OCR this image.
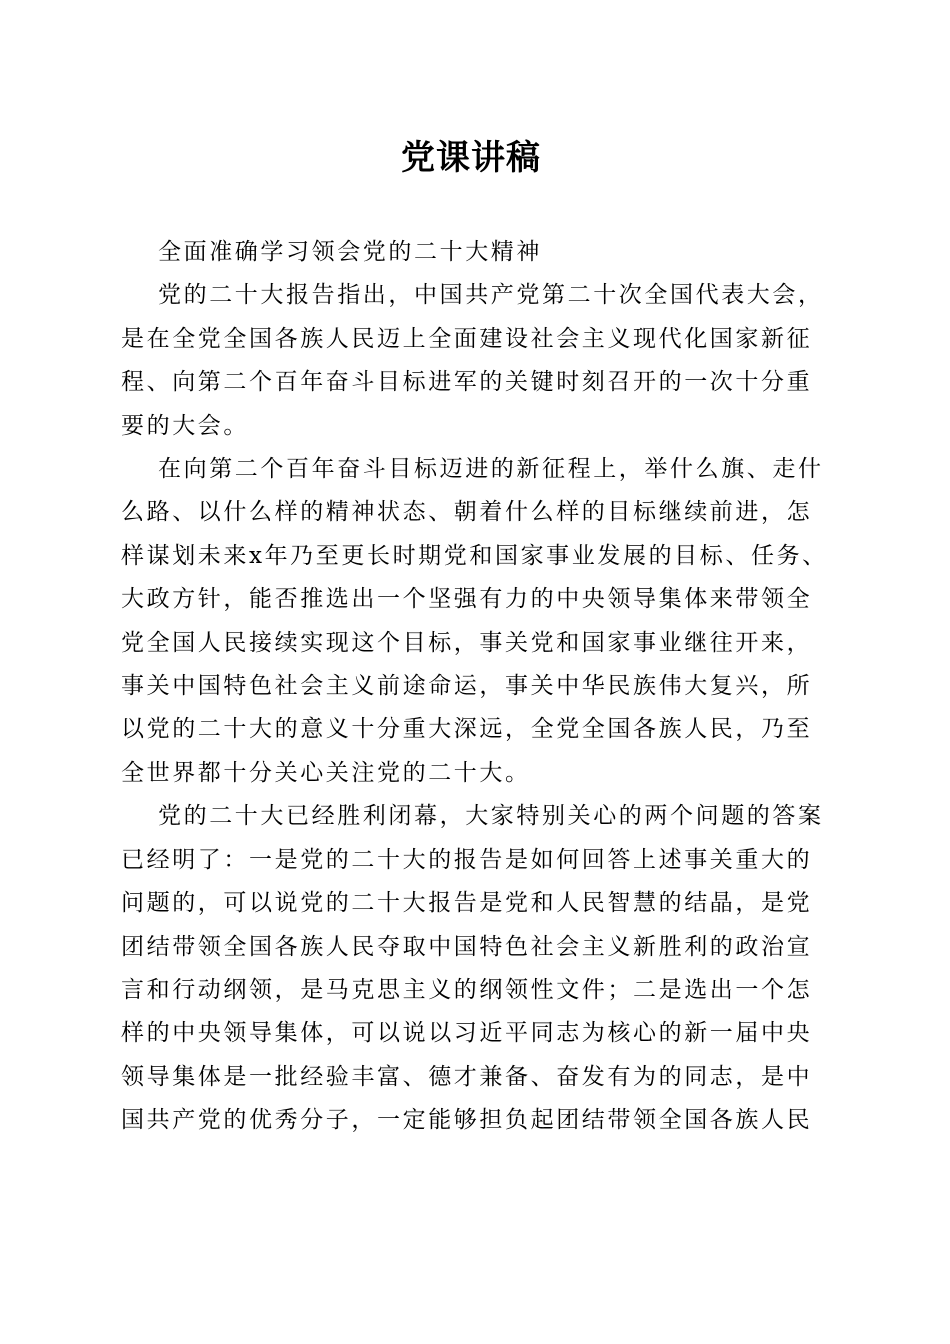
党课讲稿
全面准确学习领会党的二十大精神
党的二十大报告指出，中国共产党第二十次全国代表大会，
是在全党全国各族人民迈上全面建设社会主义现代化国家新征
程、向第二个百年奋斗目标进军的关键时刻召开的一次十分重
要的大会。
在向第二个百年奋斗目标迈进的新征程上，举什么旗、走什
么路、以什么样的精神状态、朝着什么样的目标继续前进，怎
样谋划未来x年乃至更长时期党和国家事业发展的目标、任务、
大政方针，能否推选出一个坚强有力的中央领导集体来带领全
党全国人民接续实现这个目标，事关党和国家事业继往开来，
事关中国特色社会主义前途命运，事关中华民族伟大复兴，所
以党的二十大的意义十分重大深远，全党全国各族人民，乃至
全世界都十分关心关注党的二十大。
党的二十大已经胜利闭幕，大家特别关心的两个问题的答案
已经明了：一是党的二十大的报告是如何回答上述事关重大的
问题的，可以说党的二十大报告是党和人民智慧的结晶，是党
团结带领全国各族人民夺取中国特色社会主义新胜利的政治宣
言和行动纲领，是马克思主义的纲领性文件；二是选出一个怎
样的中央领导集体，可以说以习近平同志为核心的新一届中央
领导集体是一批经验丰富、德才兼备、奋发有为的同志，是中
国共产党的优秀分子，一定能够担负起团结带领全国各族人民
